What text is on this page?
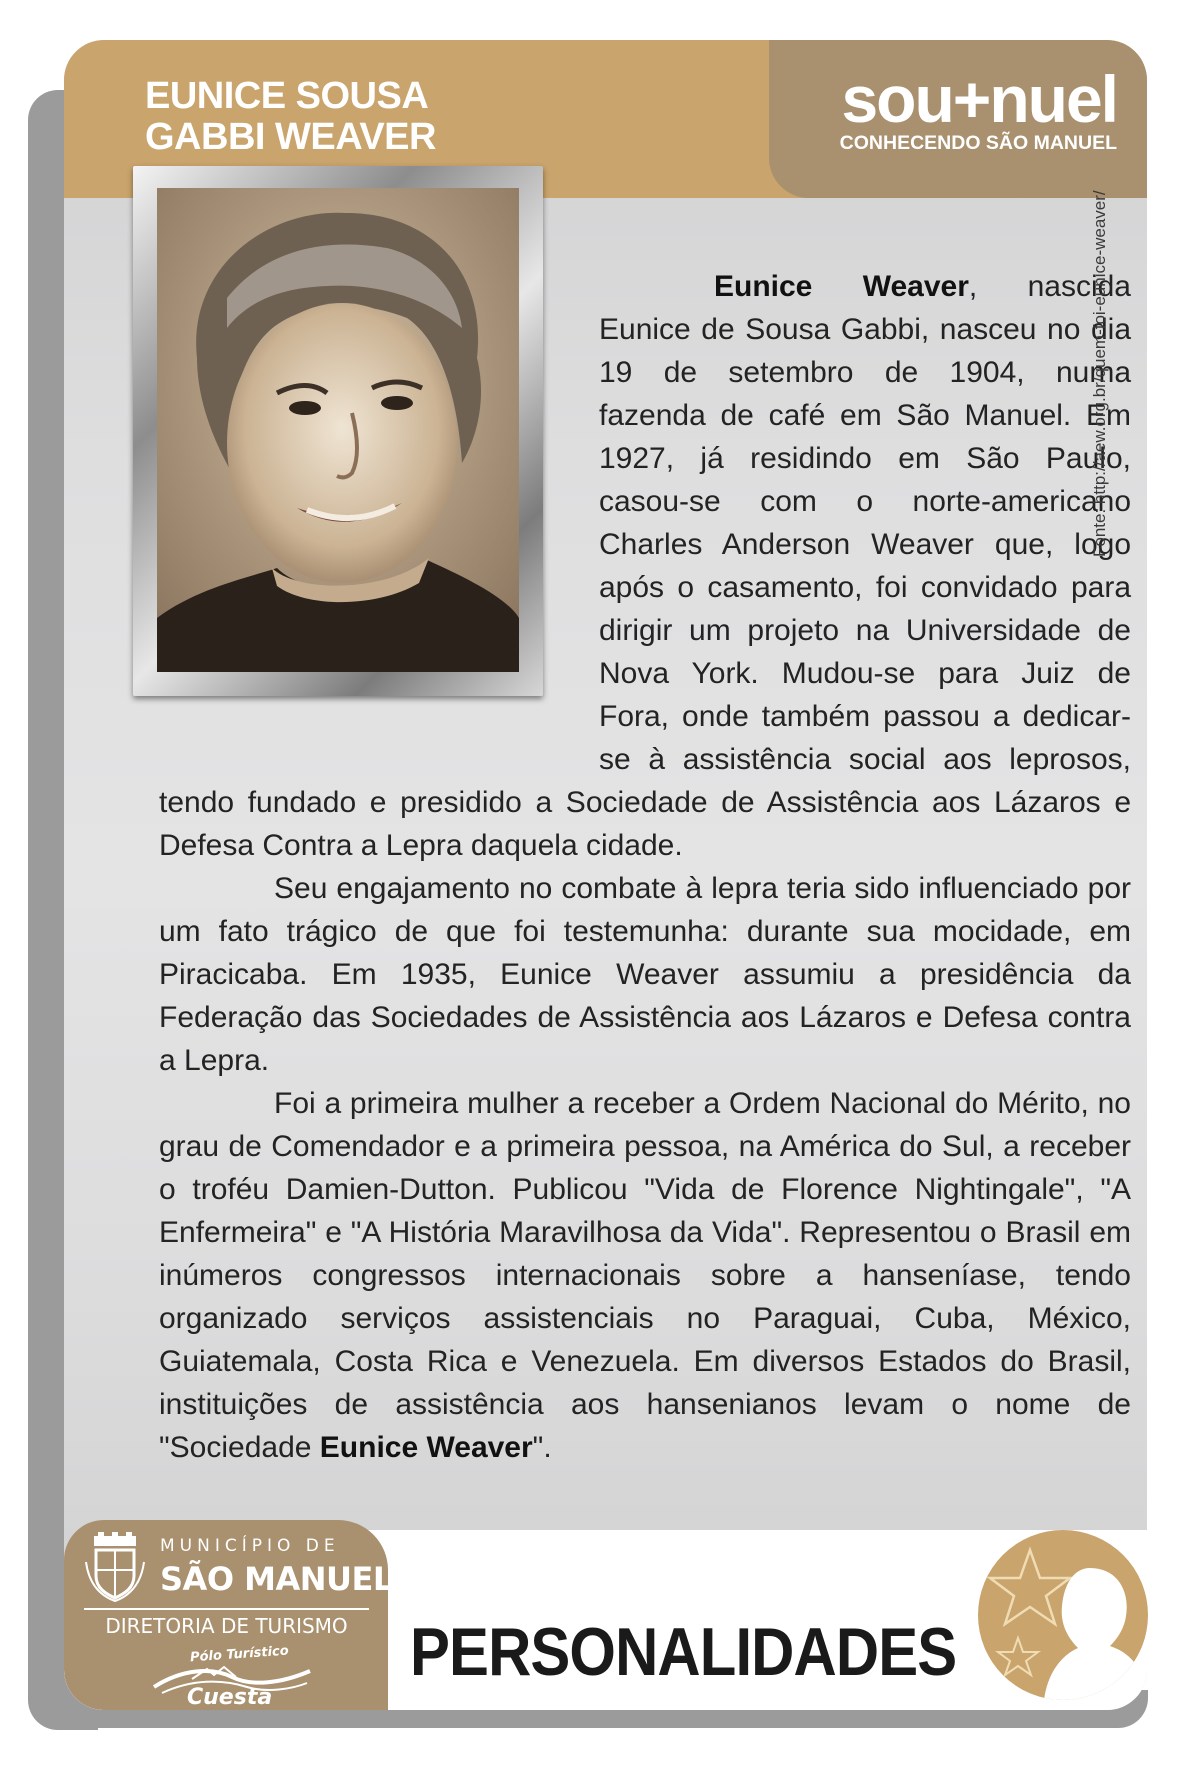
EUNICE SOUSA
GABBI WEAVER
sou+nuel
CONHECENDO SÃO MANUEL

Eunice Weaver, nascida Eunice de Sousa Gabbi, nasceu no dia 19 de setembro de 1904, numa fazenda de café em São Manuel. Em 1927, já residindo em São Paulo, casou-se com o norte-americano Charles Anderson Weaver que, logo após o casamento, foi convidado para dirigir um projeto na Universidade de Nova York. Mudou-se para Juiz de Fora, onde também passou a dedicar-se à assistência social aos leprosos, tendo fundado e presidido a Sociedade de Assistência aos Lázaros e Defesa Contra a Lepra daquela cidade.

Seu engajamento no combate à lepra teria sido influenciado por um fato trágico de que foi testemunha: durante sua mocidade, em Piracicaba. Em 1935, Eunice Weaver assumiu a presidência da Federação das Sociedades de Assistência aos Lázaros e Defesa contra a Lepra.

Foi a primeira mulher a receber a Ordem Nacional do Mérito, no grau de Comendador e a primeira pessoa, na América do Sul, a receber o troféu Damien-Dutton. Publicou "Vida de Florence Nightingale", "A Enfermeira" e "A História Maravilhosa da Vida". Representou o Brasil em inúmeros congressos internacionais sobre a hanseníase, tendo organizado serviços assistenciais no Paraguai, Cuba, México, Guiatemala, Costa Rica e Venezuela. Em diversos Estados do Brasil, instituições de assistência aos hansenianos levam o nome de "Sociedade Eunice Weaver".

MUNICÍPIO DE
SÃO MANUEL
DIRETORIA DE TURISMO
Pólo Turístico
Cuesta
PERSONALIDADES
Fonte: http://aew.org.br/quem-foi-eunice-weaver/
